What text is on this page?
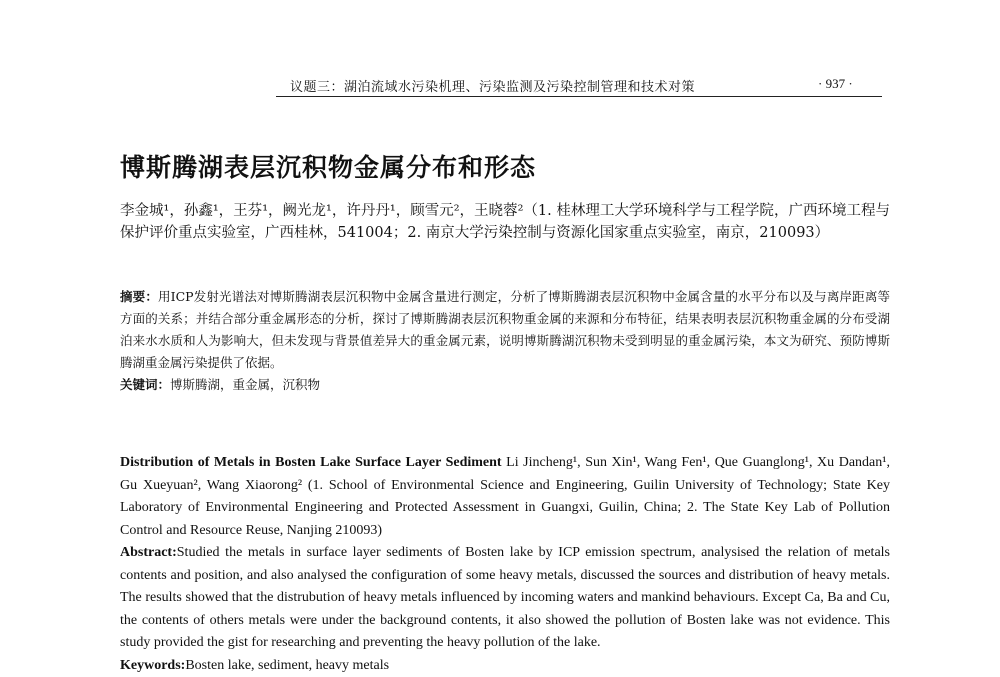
议题三：湖泊流域水污染机理、污染监测及污染控制管理和技术对策	· 937 ·
博斯腾湖表层沉积物金属分布和形态
李金城¹，孙鑫¹，王芬¹，阙光龙¹，许丹丹¹，顾雪元²，王晓蓉²（1. 桂林理工大学环境科学与工程学院，广西环境工程与保护评价重点实验室，广西桂林，541004；2. 南京大学污染控制与资源化国家重点实验室，南京，210093）
摘要：用ICP发射光谱法对博斯腾湖表层沉积物中金属含量进行测定，分析了博斯腾湖表层沉积物中金属含量的水平分布以及与离岸距离等方面的关系；并结合部分重金属形态的分析，探讨了博斯腾湖表层沉积物重金属的来源和分布特征，结果表明表层沉积物重金属的分布受湖泊来水水质和人为影响大，但未发现与背景值差异大的重金属元素，说明博斯腾湖沉积物未受到明显的重金属污染，本文为研究、预防博斯腾湖重金属污染提供了依据。
关键词：博斯腾湖，重金属，沉积物
Distribution of Metals in Bosten Lake Surface Layer Sediment Li Jincheng¹, Sun Xin¹, Wang Fen¹, Que Guanglong¹, Xu Dandan¹, Gu Xueyuan², Wang Xiaorong² (1. School of Environmental Science and Engineering, Guilin University of Technology; State Key Laboratory of Environmental Engineering and Protected Assessment in Guangxi, Guilin, China; 2. The State Key Lab of Pollution Control and Resource Reuse, Nanjing 210093)
Abstract:Studied the metals in surface layer sediments of Bosten lake by ICP emission spectrum, analysised the relation of metals contents and position, and also analysed the configuration of some heavy metals, discussed the sources and distribution of heavy metals. The results showed that the distrubution of heavy metals influenced by incoming waters and mankind behaviours. Except Ca, Ba and Cu, the contents of others metals were under the background contents, it also showed the pollution of Bosten lake was not evidence. This study provided the gist for researching and preventing the heavy pollution of the lake.
Keywords:Bosten lake, sediment, heavy metals
